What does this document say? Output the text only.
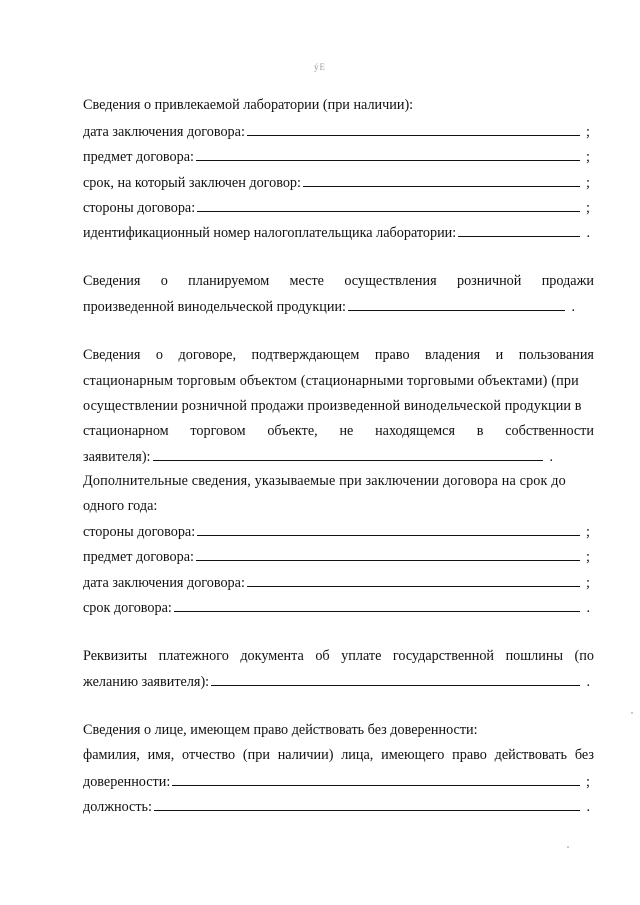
ýE
Сведения о привлекаемой лаборатории (при наличии):
дата заключения договора:	;
предмет договора:	;
срок, на который заключен договор:	;
стороны договора:	;
идентификационный номер налогоплательщика лаборатории:	.
Сведения о планируемом месте осуществления розничной продажи
произведенной винодельческой продукции:	.
Сведения о договоре, подтверждающем право владения и пользования
стационарным торговым объектом (стационарными торговыми объектами) (при
осуществлении розничной продажи произведенной винодельческой продукции в
стационарном торговом объекте, не находящемся в собственности
заявителя):	.
Дополнительные сведения, указываемые при заключении договора на срок до
одного года:
стороны договора:	;
предмет договора:	;
дата заключения договора:	;
срок договора:	.
Реквизиты платежного документа об уплате государственной пошлины (по
желанию заявителя):	.
Сведения о лице, имеющем право действовать без доверенности:
фамилия, имя, отчество (при наличии) лица, имеющего право действовать без
доверенности:	;
должность:	.
